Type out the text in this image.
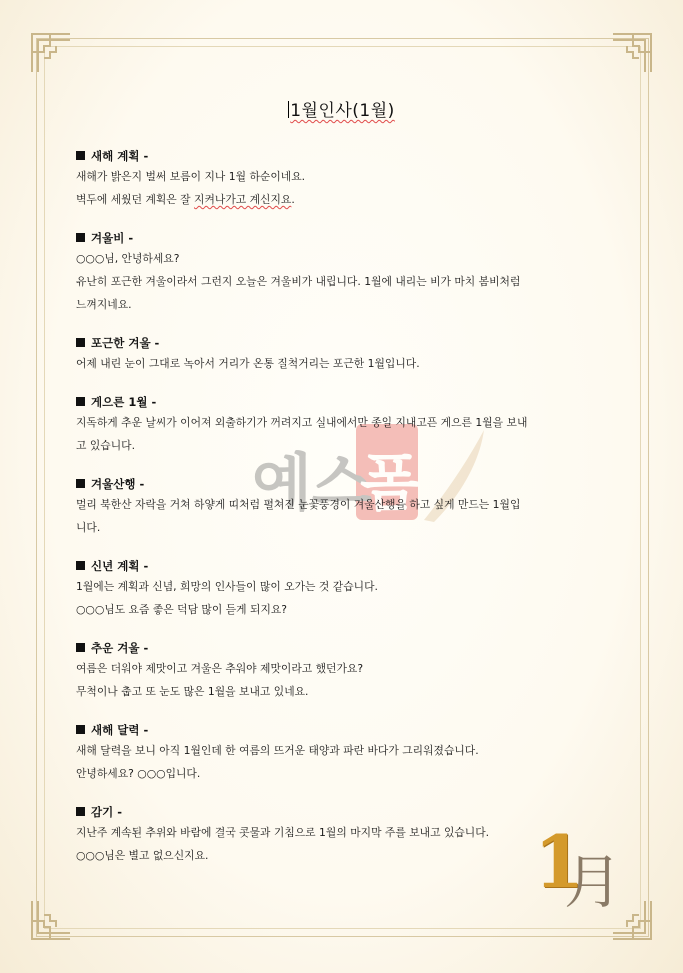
1월인사(1월)
예스
폼
새해 계획 -
새해가 밝은지 벌써 보름이 지나 1월 하순이네요.
벽두에 세웠던 계획은 잘 지켜나가고 계신지요.
겨울비 -
○○○님, 안녕하세요?
유난히 포근한 겨울이라서 그런지 오늘은 겨울비가 내립니다. 1월에 내리는 비가 마치 봄비처럼
느껴지네요.
포근한 겨울 -
어제 내린 눈이 그대로 녹아서 거리가 온통 질척거리는 포근한 1월입니다.
게으른 1월 -
지독하게 추운 날씨가 이어져 외출하기가 꺼려지고 실내에서만 종일 지내고픈 게으른 1월을 보내
고 있습니다.
겨울산행 -
멀리 북한산 자락을 거쳐 하얗게 띠처럼 펼쳐진 눈꽃풍경이 겨울산행을 하고 싶게 만드는 1월입
니다.
신년 계획 -
1월에는 계획과 신념, 희망의 인사들이 많이 오가는 것 같습니다.
○○○님도 요즘 좋은 덕담 많이 듣게 되지요?
추운 겨울 -
여름은 더워야 제맛이고 겨울은 추워야 제맛이라고 했던가요?
무척이나 춥고 또 눈도 많은 1월을 보내고 있네요.
새해 달력 -
새해 달력을 보니 아직 1월인데 한 여름의 뜨거운 태양과 파란 바다가 그리워졌습니다.
안녕하세요? ○○○입니다.
감기 -
지난주 계속된 추위와 바람에 결국 콧물과 기침으로 1월의 마지막 주를 보내고 있습니다.
○○○님은 별고 없으신지요.	1
月
